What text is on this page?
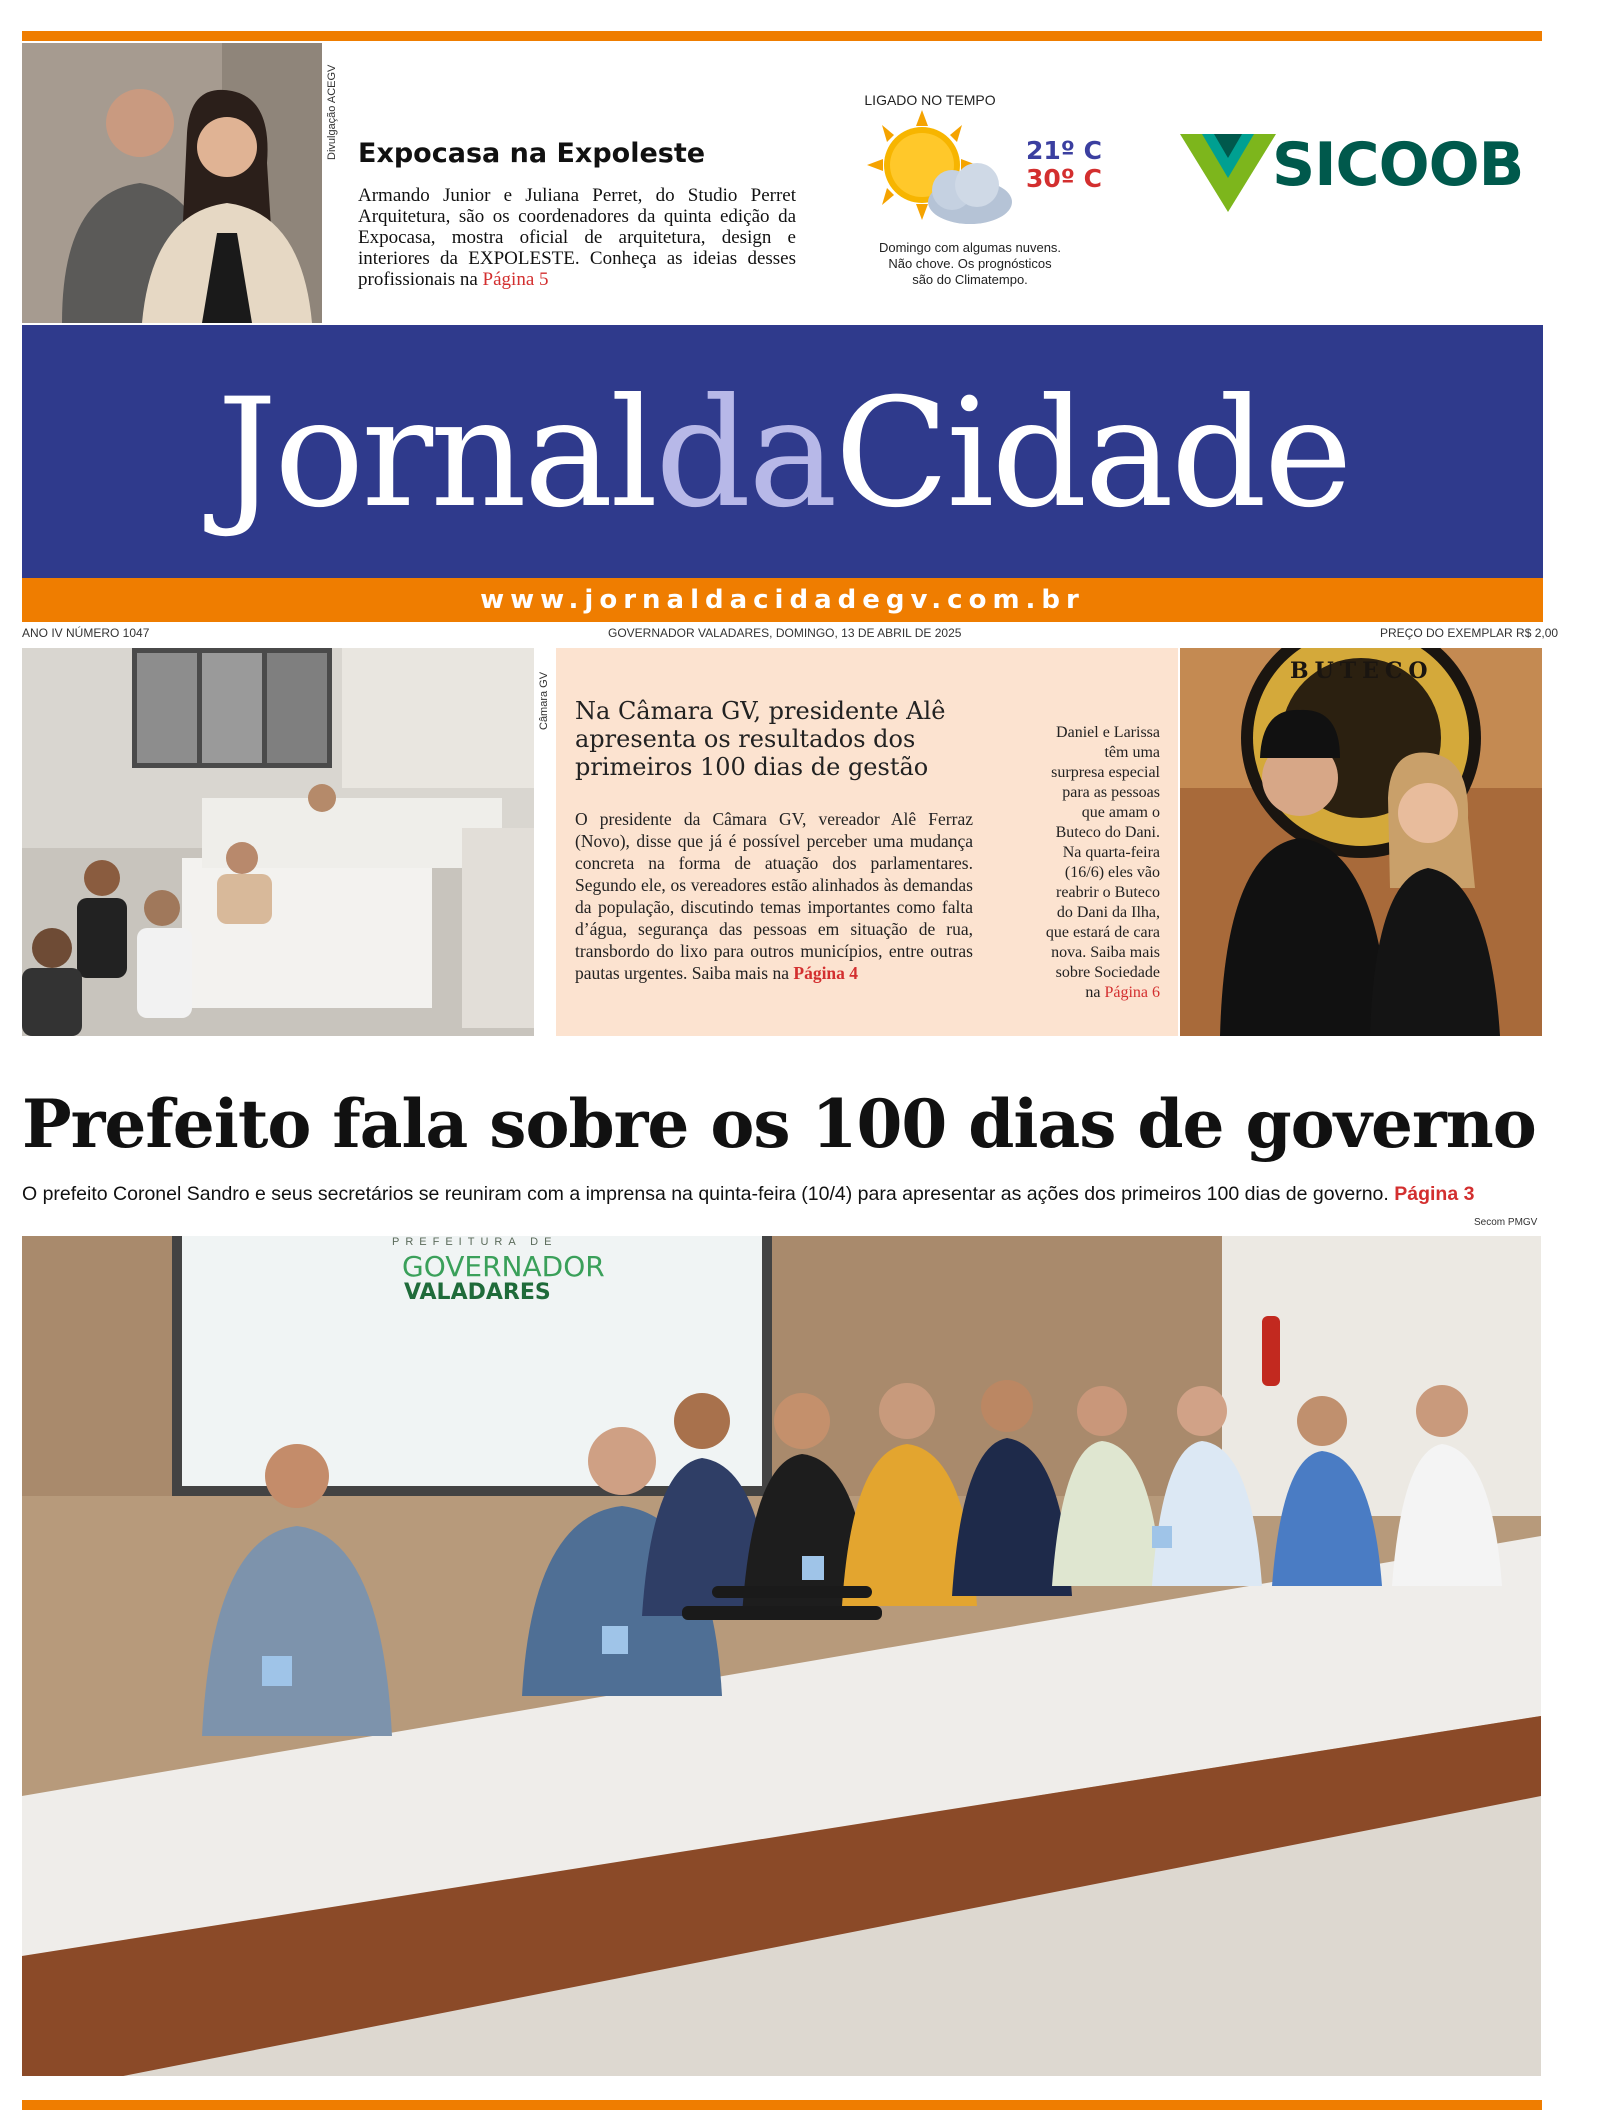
Divulgação ACEGV Expocasa na Expoleste
Armando Junior e Juliana Perret, do Studio Perret Arquitetura, são os coordenadores da quinta edição da Expocasa, mostra oficial de arquitetura, design e interiores da EXPOLESTE. Conheça as ideias desses profissionais na Página 5
LIGADO NO TEMPO
21º C
30º C
Domingo com algumas nuvens.
Não chove. Os prognósticos
são do Climatempo.
SICOOB
JornaldaCidade
www.jornaldacidadegv.com.br
ANO IV NÚMERO 1047	GOVERNADOR VALADARES, DOMINGO, 13 DE ABRIL DE 2025	PREÇO DO EXEMPLAR R$ 2,00
Câmara GV Na Câmara GV, presidente Alê
apresenta os resultados dos
primeiros 100 dias de gestão
O presidente da Câmara GV, vereador Alê Ferraz (Novo), disse que já é possível perceber uma mudança concreta na forma de atuação dos parlamentares. Segundo ele, os vereadores estão alinhados às demandas da população, discutindo temas importantes como falta d’água, segurança das pessoas em situação de rua, transbordo do lixo para outros municípios, entre outras pautas urgentes. Saiba mais na Página 4
Daniel e Larissa
têm uma
surpresa especial
para as pessoas
que amam o
Buteco do Dani.
Na quarta-feira
(16/6) eles vão
reabrir o Buteco
do Dani da Ilha,
que estará de cara
nova. Saiba mais
sobre Sociedade
na Página 6
BUTECO
Prefeito fala sobre os 100 dias de governo
O prefeito Coronel Sandro e seus secretários se reuniram com a imprensa na quinta-feira (10/4) para apresentar as ações dos primeiros 100 dias de governo. Página 3
Secom PMGV
PREFEITURA DE
GOVERNADOR
VALADARES
